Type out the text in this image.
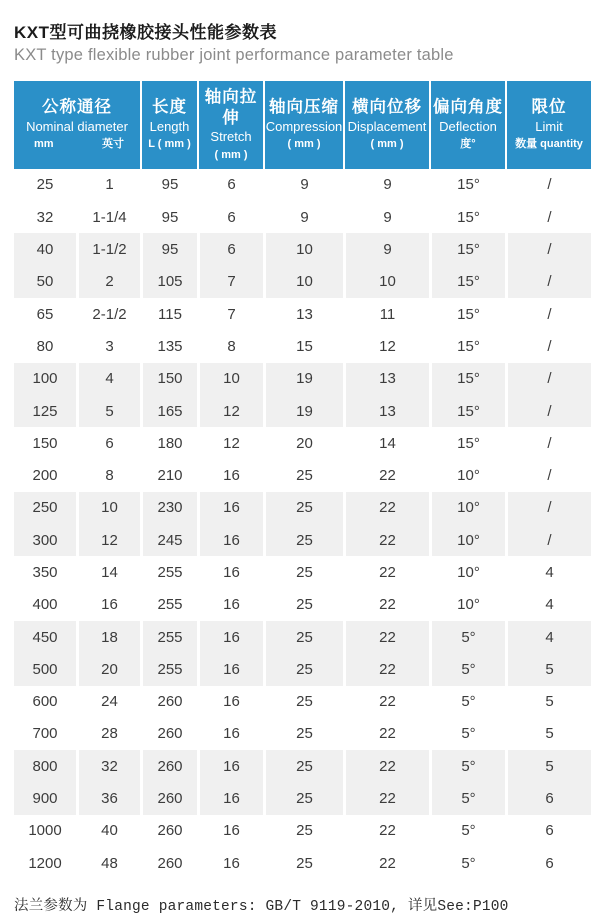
KXT型可曲挠橡胶接头性能参数表
KXT type flexible rubber joint performance parameter table
公称通径
Nominal diameter
mm	英寸

长度
Length
L ( mm )

轴向拉伸
Stretch
( mm )

轴向压缩
Compression
( mm )

横向位移
Displacement
( mm )

偏向角度
Deflection
度°

限位
Limit
数量 quantity

25	1	95	6	9	9	15°	/
32	1-1/4	95	6	9	9	15°	/
40	1-1/2	95	6	10	9	15°	/
50	2	105	7	10	10	15°	/
65	2-1/2	115	7	13	11	15°	/
80	3	135	8	15	12	15°	/
100	4	150	10	19	13	15°	/
125	5	165	12	19	13	15°	/
150	6	180	12	20	14	15°	/
200	8	210	16	25	22	10°	/
250	10	230	16	25	22	10°	/
300	12	245	16	25	22	10°	/
350	14	255	16	25	22	10°	4
400	16	255	16	25	22	10°	4
450	18	255	16	25	22	5°	4
500	20	255	16	25	22	5°	5
600	24	260	16	25	22	5°	5
700	28	260	16	25	22	5°	5
800	32	260	16	25	22	5°	5
900	36	260	16	25	22	5°	6
1000	40	260	16	25	22	5°	6
1200	48	260	16	25	22	5°	6
法兰参数为 Flange parameters: GB/T 9119-2010, 详见See:P100
